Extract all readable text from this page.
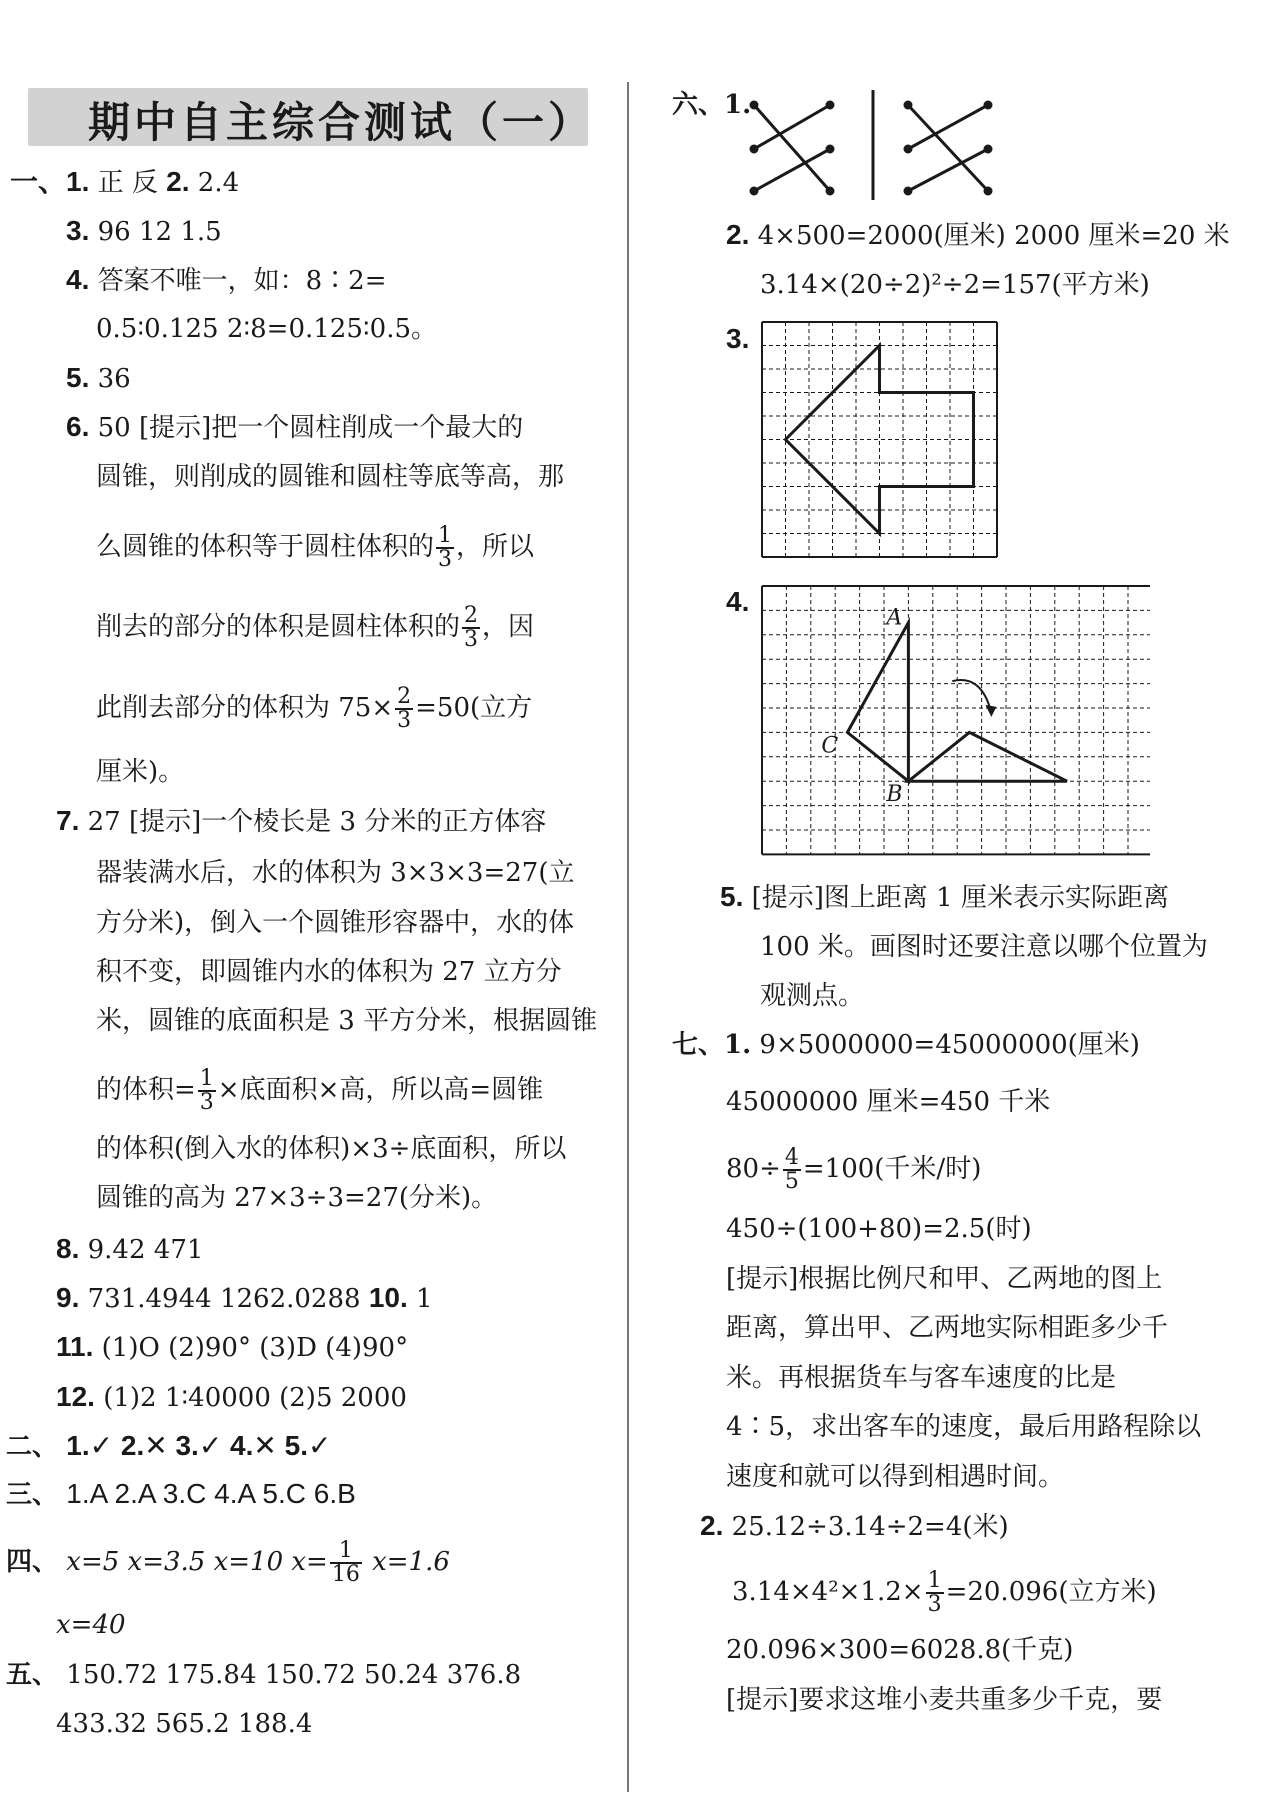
期中自主综合测试（一）
一、1. 正 反 2. 2.4
3. 96 12 1.5
4. 答案不唯一，如：8∶2=
0.5∶0.125 2∶8=0.125∶0.5。
5. 36
6. 50 [提示]把一个圆柱削成一个最大的
圆锥，则削成的圆锥和圆柱等底等高，那
么圆锥的体积等于圆柱体积的 $\frac{1}{3}$ ，所以
削去的部分的体积是圆柱体积的 $\frac{2}{3}$ ，因
此削去部分的体积为 $75\times \frac{2}{3} =50$(立方
厘米)。
7. 27 [提示]一个棱长是 3 分米的正方体容
器装满水后，水的体积为 3×3×3=27(立
方分米)，倒入一个圆锥形容器中，水的体
积不变，即圆锥内水的体积为 27 立方分
米，圆锥的底面积是 3 平方分米，根据圆锥
的体积= $\frac{1}{3}$ ×底面积×高，所以高=圆锥
的体积(倒入水的体积)×3÷底面积，所以
圆锥的高为 27×3÷3=27(分米)。
8. 9.42 471
9. 731.4944 1262.0288 10. 1
11. (1)O (2)90° (3)D (4)90°
12. (1)2 1∶40000 (2)5 2000
二、 1.✓ 2.✕ 3.✓ 4.✕ 5.✓
三、 1.A 2.A 3.C 4.A 5.C 6.B
四、 x=5 x=3.5 x=10 $x= \frac{1}{16} x=1.6$
x=40
五、 150.72 175.84 150.72 50.24 376.8
433.32 565.2 188.4
六、1.
2. 4×500=2000(厘米) 2000 厘米=20 米
3.14×(20÷2)²÷2=157(平方米)
3.
4.
A
B
C
5. [提示]图上距离 1 厘米表示实际距离
100 米。画图时还要注意以哪个位置为
观测点。
七、1. 9×5000000=45000000(厘米)
45000000 厘米=450 千米
$80\div \frac{4}{5} =100$(千米/时)
450÷(100+80)=2.5(时)
[提示]根据比例尺和甲、乙两地的图上
距离，算出甲、乙两地实际相距多少千
米。再根据货车与客车速度的比是
4∶5，求出客车的速度，最后用路程除以
速度和就可以得到相遇时间。
2. 25.12÷3.14÷2=4(米)
$3.14\times 4^2\times 1.2\times \frac{1}{3} =20.096$(立方米)
20.096×300=6028.8(千克)
[提示]要求这堆小麦共重多少千克，要
